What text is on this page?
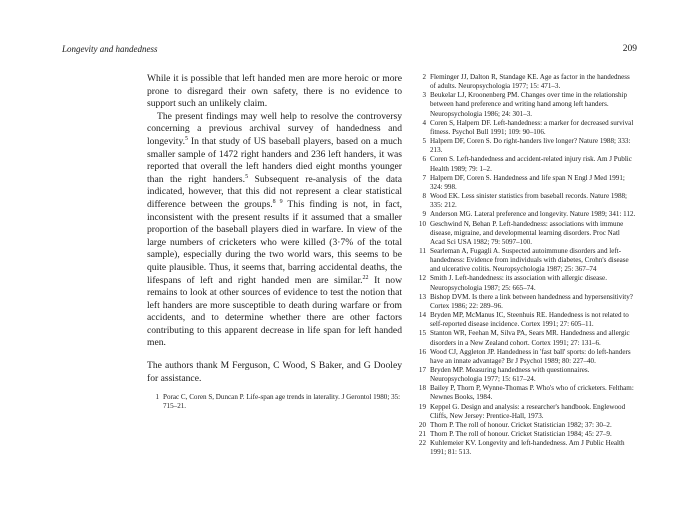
Longevity and handedness	209

While it is possible that left handed men are more heroic or more prone to disregard their own safety, there is no evidence to support such an unlikely claim.

The present findings may well help to resolve the controversy concerning a previous archival survey of handedness and longevity.$^5$ In that study of US baseball players, based on a much smaller sample of 1472 right handers and 236 left handers, it was reported that overall the left handers died eight months younger than the right handers.$^5$ Subsequent re-analysis of the data indicated, however, that this did not represent a clear statistical difference between the groups.$^{8 9}$ This finding is not, in fact, inconsistent with the present results if it assumed that a smaller proportion of the baseball players died in warfare. In view of the large numbers of cricketers who were killed (3·7% of the total sample), especially during the two world wars, this seems to be quite plausible. Thus, it seems that, barring accidental deaths, the lifespans of left and right handed men are similar.$^{22}$ It now remains to look at other sources of evidence to test the notion that left handers are more susceptible to death during warfare or from accidents, and to determine whether there are other factors contributing to this apparent decrease in life span for left handed men.

The authors thank M Ferguson, C Wood, S Baker, and G Dooley for assistance.

1 Porac C, Coren S, Duncan P. Life-span age trends in laterality. J Gerontol 1980; 35: 715–21.
2 Fleminger JJ, Dalton R, Standage KE. Age as factor in the handedness of adults. Neuropsychologia 1977; 15: 471–3.
3 Beukelar LJ, Kroonenberg PM. Changes over time in the relationship between hand preference and writing hand among left handers. Neuropsychologia 1986; 24: 301–3.
4 Coren S, Halpern DF. Left-handedness: a marker for decreased survival fitness. Psychol Bull 1991; 109: 90–106.
5 Halpern DF, Coren S. Do right-handers live longer? Nature 1988; 333: 213.
6 Coren S. Left-handedness and accident-related injury risk. Am J Public Health 1989; 79: 1–2.
7 Halpern DF, Coren S. Handedness and life span N Engl J Med 1991; 324: 998.
8 Wood EK. Less sinister statistics from baseball records. Nature 1988; 335: 212.
9 Anderson MG. Lateral preference and longevity. Nature 1989; 341: 112.
10 Geschwind N, Behan P. Left-handedness: associations with immune disease, migraine, and developmental learning disorders. Proc Natl Acad Sci USA 1982; 79: 5097–100.
11 Searleman A, Fugagli A. Suspected autoimmune disorders and left-handedness: Evidence from individuals with diabetes, Crohn's disease and ulcerative colitis. Neuropsychologia 1987; 25: 367–74
12 Smith J. Left-handedness: its association with allergic disease. Neuropsychologia 1987; 25: 665–74.
13 Bishop DVM. Is there a link between handedness and hypersensitivity? Cortex 1986; 22: 289–96.
14 Bryden MP, McManus IC, Steenhuis RE. Handedness is not related to self-reported disease incidence. Cortex 1991; 27: 605–11.
15 Stanton WR, Feehan M, Silva PA, Sears MR. Handedness and allergic disorders in a New Zealand cohort. Cortex 1991; 27: 131–6.
16 Wood CJ, Aggleton JP. Handedness in 'fast ball' sports: do left-handers have an innate advantage? Br J Psychol 1989; 80: 227–40.
17 Bryden MP. Measuring handedness with questionnaires. Neuropsychologia 1977; 15: 617–24.
18 Bailey P, Thorn P, Wynne-Thomas P. Who's who of cricketers. Feltham: Newnes Books, 1984.
19 Keppel G. Design and analysis: a researcher's handbook. Englewood Cliffs, New Jersey: Prentice-Hall, 1973.
20 Thorn P. The roll of honour. Cricket Statistician 1982; 37: 30–2.
21 Thorn P. The roll of honour. Cricket Statistician 1984; 45: 27–9.
22 Kuhlemeier KV. Longevity and left-handedness. Am J Public Health 1991; 81: 513.
